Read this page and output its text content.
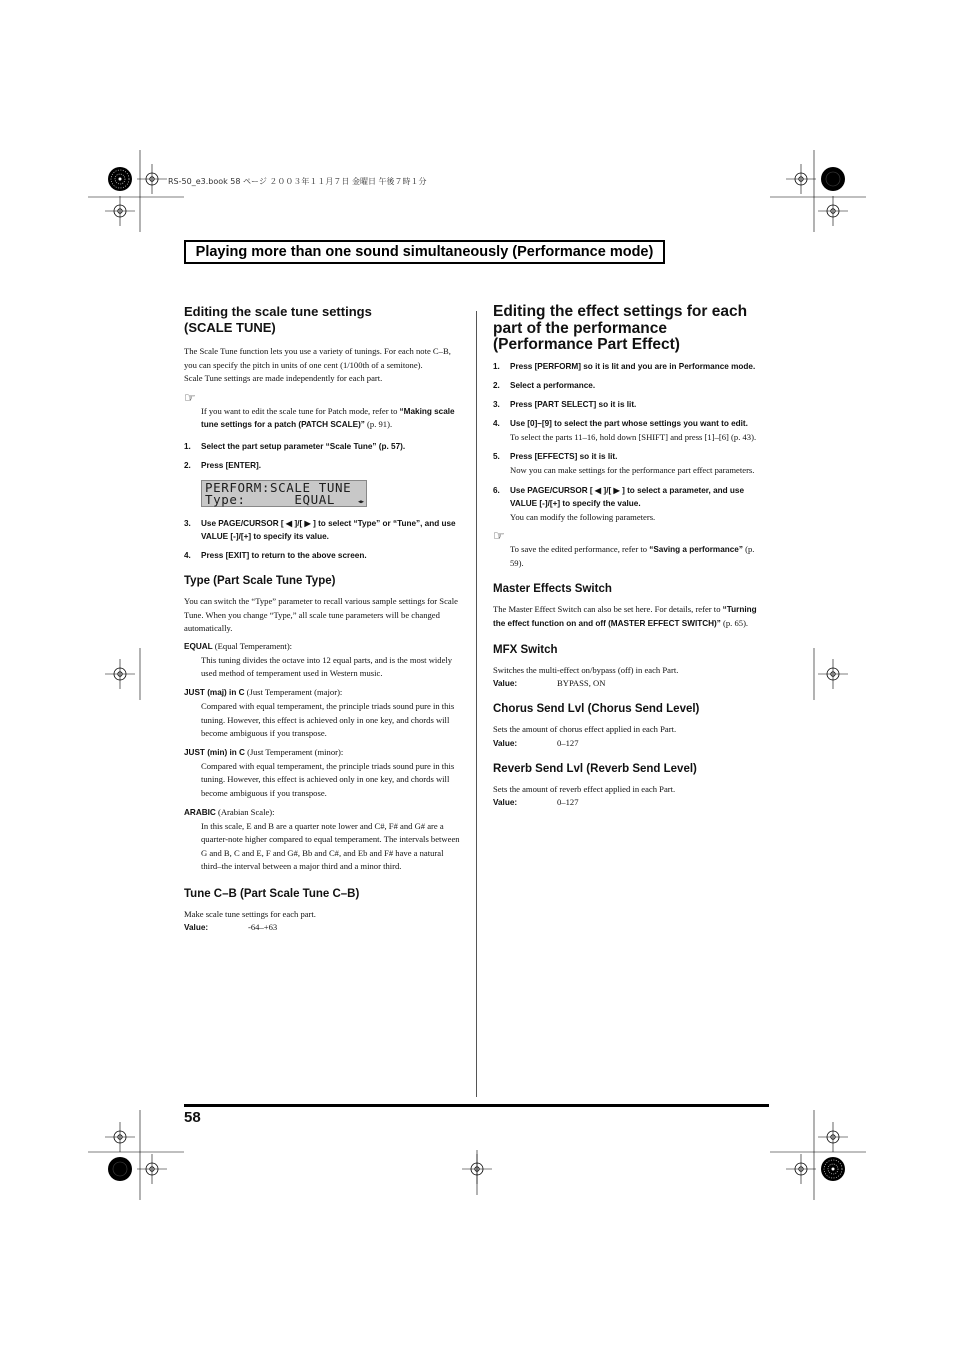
RS-50_e3.book 58 ページ ２００３年１１月７日 金曜日 午後７時１分
Playing more than one sound simultaneously (Performance mode)
Editing the scale tune settings
(SCALE TUNE)

The Scale Tune function lets you use a variety of tunings. For each note C–B, you can specify the pitch in units of one cent (1/100th of a semitone).

Scale Tune settings are made independently for each part.

☞
If you want to edit the scale tune for Patch mode, refer to “Making scale tune settings for a patch (PATCH SCALE)” (p. 91).
1.	Select the part setup parameter “Scale Tune” (p. 57).
2.	Press [ENTER].
PERFORM:SCALE TUNE
Type:      EQUAL	◀▶
3.	Use PAGE/CURSOR [ ◀ ]/[ ▶ ] to select “Type” or “Tune”, and use VALUE [-]/[+] to specify its value.
4.	Press [EXIT] to return to the above screen.
Type (Part Scale Tune Type)

You can switch the “Type” parameter to recall various sample settings for Scale Tune. When you change “Type,” all scale tune parameters will be changed automatically.

EQUAL (Equal Temperament):
This tuning divides the octave into 12 equal parts, and is the most widely used method of temperament used in Western music.
JUST (maj) in C (Just Temperament (major):
Compared with equal temperament, the principle triads sound pure in this tuning. However, this effect is achieved only in one key, and chords will become ambiguous if you transpose.
JUST (min) in C (Just Temperament (minor):
Compared with equal temperament, the principle triads sound pure in this tuning. However, this effect is achieved only in one key, and chords will become ambiguous if you transpose.
ARABIC (Arabian Scale):
In this scale, E and B are a quarter note lower and C#, F# and G# are a quarter-note higher compared to equal temperament. The intervals between G and B, C and E, F and G#, Bb and C#, and Eb and F# have a natural third–the interval between a major third and a minor third.
Tune C–B (Part Scale Tune C–B)

Make scale tune settings for each part.

Value:	-64–+63
Editing the effect settings for each
part of the performance
(Performance Part Effect)
1.	Press [PERFORM] so it is lit and you are in Performance mode.
2.	Select a performance.
3.	Press [PART SELECT] so it is lit.
4.	Use [0]–[9] to select the part whose settings you want to edit.

To select the parts 11–16, hold down [SHIFT] and press [1]–[6] (p. 43).

5.	Press [EFFECTS] so it is lit.

Now you can make settings for the performance part effect parameters.

6.	Use PAGE/CURSOR [ ◀ ]/[ ▶ ] to select a parameter, and use VALUE [-]/[+] to specify the value.

You can modify the following parameters.

☞
To save the edited performance, refer to “Saving a performance” (p. 59).
Master Effects Switch

The Master Effect Switch can also be set here. For details, refer to “Turning the effect function on and off (MASTER EFFECT SWITCH)” (p. 65).

MFX Switch

Switches the multi-effect on/bypass (off) in each Part.

Value:	BYPASS, ON
Chorus Send Lvl (Chorus Send Level)

Sets the amount of chorus effect applied in each Part.

Value:	0–127
Reverb Send Lvl (Reverb Send Level)

Sets the amount of reverb effect applied in each Part.

Value:	0–127
58
